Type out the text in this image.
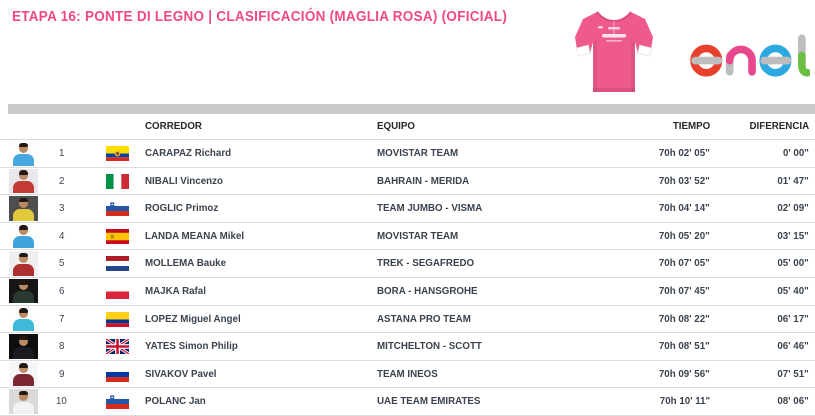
ETAPA 16: PONTE DI LEGNO | CLASIFICACIÓN (MAGLIA ROSA) (OFICIAL)
CORREDOR	EQUIPO	TIEMPO	DIFERENCIA
1	CARAPAZ Richard	MOVISTAR TEAM	70h 02' 05"	0' 00"
2	NIBALI Vincenzo	BAHRAIN - MERIDA	70h 03' 52"	01' 47"
3	ROGLIC Primoz	TEAM JUMBO - VISMA	70h 04' 14"	02' 09"
4	LANDA MEANA Mikel	MOVISTAR TEAM	70h 05' 20"	03' 15"
5	MOLLEMA Bauke	TREK - SEGAFREDO	70h 07' 05"	05' 00"
6	MAJKA Rafal	BORA - HANSGROHE	70h 07' 45"	05' 40"
7	LOPEZ Miguel Angel	ASTANA PRO TEAM	70h 08' 22"	06' 17"
8	YATES Simon Philip	MITCHELTON - SCOTT	70h 08' 51"	06' 46"
9	SIVAKOV Pavel	TEAM INEOS	70h 09' 56"	07' 51"
10	POLANC Jan	UAE TEAM EMIRATES	70h 10' 11"	08' 06"
